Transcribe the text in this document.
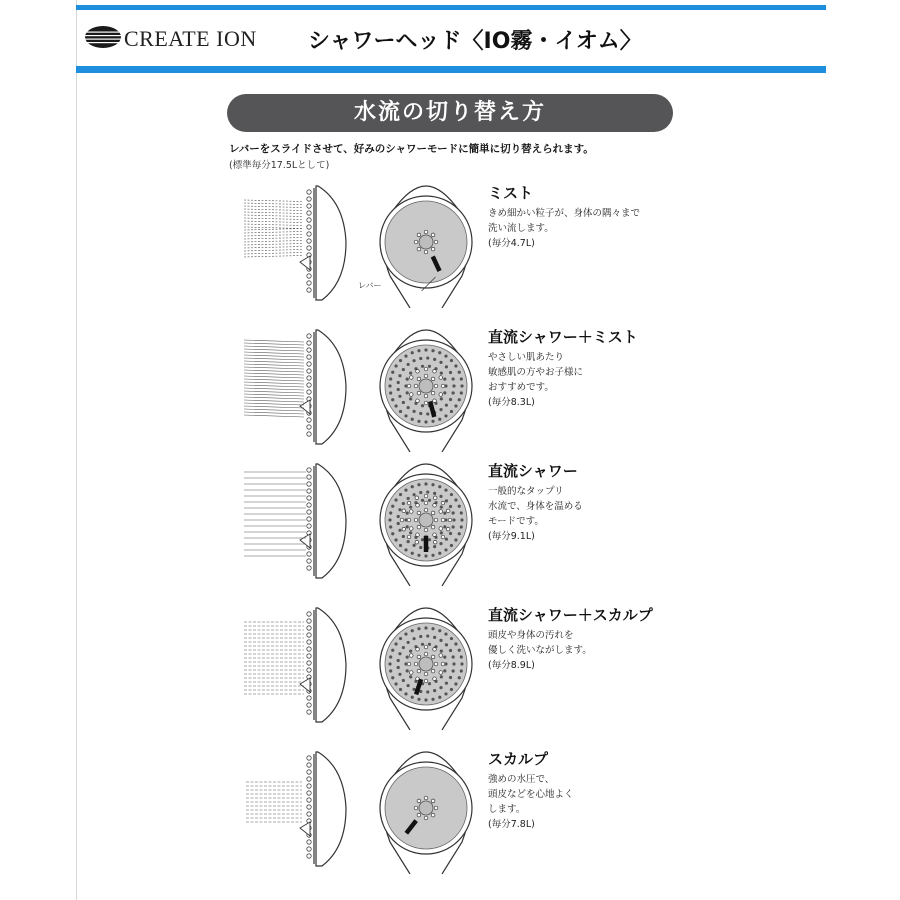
CREATE ION シャワーヘッド〈IO霧・イオム〉
水流の切り替え方
レバーをスライドさせて、好みのシャワーモードに簡単に切り替えられます。
(標準毎分17.5Lとして)
ミスト
きめ細かい粒子が、身体の隅々まで
洗い流します。
(毎分4.7L)
直流シャワー＋ミスト
やさしい肌あたり
敏感肌の方やお子様に
おすすめです。
(毎分8.3L)
直流シャワー
一般的なタップリ
水流で、身体を温める
モードです。
(毎分9.1L)
直流シャワー＋スカルプ
頭皮や身体の汚れを
優しく洗いながします。
(毎分8.9L)
スカルプ
強めの水圧で、
頭皮などを心地よく
します。
(毎分7.8L)
レバー
